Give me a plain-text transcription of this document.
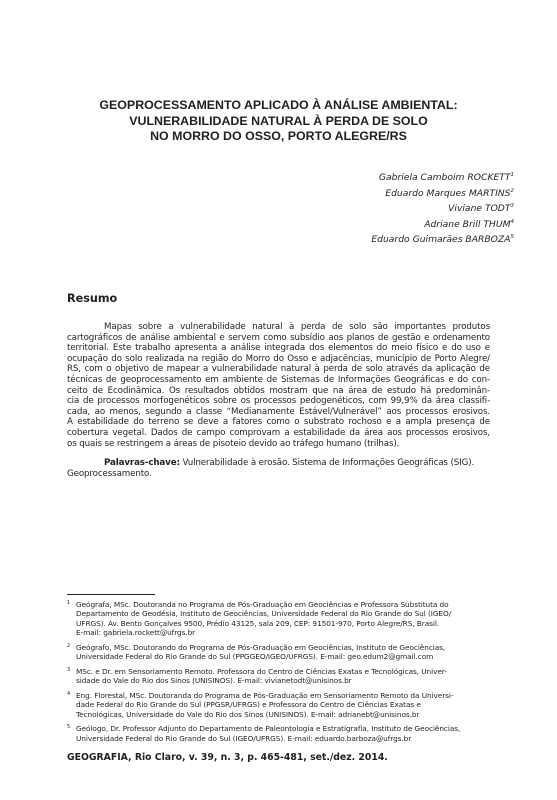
GEOPROCESSAMENTO APLICADO À ANÁLISE AMBIENTAL:
VULNERABILIDADE NATURAL À PERDA DE SOLO
NO MORRO DO OSSO, PORTO ALEGRE/RS
Gabriela Camboim ROCKETT$^1$
Eduardo Marques MARTINS$^2$
Viviane TODT$^3$
Adriane Brill THUM$^4$
Eduardo Guimarães BARBOZA$^5$
Resumo
Mapas sobre a vulnerabilidade natural à perda de solo são importantes produtos
cartográficos de análise ambiental e servem como subsídio aos planos de gestão e ordenamento
territorial. Este trabalho apresenta a análise integrada dos elementos do meio físico e do uso e
ocupação do solo realizada na região do Morro do Osso e adjacências, município de Porto Alegre/
RS, com o objetivo de mapear a vulnerabilidade natural à perda de solo através da aplicação de
técnicas de geoprocessamento em ambiente de Sistemas de Informações Geográficas e do con-
ceito de Ecodinâmica. Os resultados obtidos mostram que na área de estudo há predominân-
cia de processos morfogenéticos sobre os processos pedogenéticos, com 99,9% da área classifi-
cada, ao menos, segundo a classe “Medianamente Estável/Vulnerável” aos processos erosivos.
A estabilidade do terreno se deve a fatores como o substrato rochoso e a ampla presença de
cobertura vegetal. Dados de campo comprovam a estabilidade da área aos processos erosivos,
os quais se restringem a áreas de pisoteio devido ao tráfego humano (trilhas).
Palavras-chave: Vulnerabilidade à erosão. Sistema de Informações Geográficas (SIG).
Geoprocessamento.
1 Geógrafa, MSc. Doutoranda no Programa de Pós-Graduação em Geociências e Professora Substituta do
Departamento de Geodésia, Instituto de Geociências, Universidade Federal do Rio Grande do Sul (IGEO/
UFRGS). Av. Bento Gonçalves 9500, Prédio 43125, sala 209, CEP: 91501-970, Porto Alegre/RS, Brasil.
E-mail: gabriela.rockett@ufrgs.br
2 Geógrafo, MSc. Doutorando do Programa de Pós-Graduação em Geociências, Instituto de Geociências,
Universidade Federal do Rio Grande do Sul (PPGGEO/IGEO/UFRGS). E-mail: geo.edum2@gmail.com
3 MSc. e Dr. em Sensoriamento Remoto. Professora do Centro de Ciências Exatas e Tecnológicas, Univer-
sidade do Vale do Rio dos Sinos (UNISINOS). E-mail: vivianetodt@unisinos.br
4 Eng. Florestal, MSc. Doutoranda do Programa de Pós-Graduação em Sensoriamento Remoto da Universi-
dade Federal do Rio Grande do Sul (PPGSR/UFRGS) e Professora do Centro de Ciências Exatas e
Tecnológicas, Universidade do Vale do Rio dos Sinos (UNISINOS). E-mail: adrianebt@unisinos.br
5 Geólogo, Dr. Professor Adjunto do Departamento de Paleontologia e Estratigrafia, Instituto de Geociências,
Universidade Federal do Rio Grande do Sul (IGEO/UFRGS). E-mail: eduardo.barboza@ufrgs.br
GEOGRAFIA, Rio Claro, v. 39, n. 3, p. 465-481, set./dez. 2014.
